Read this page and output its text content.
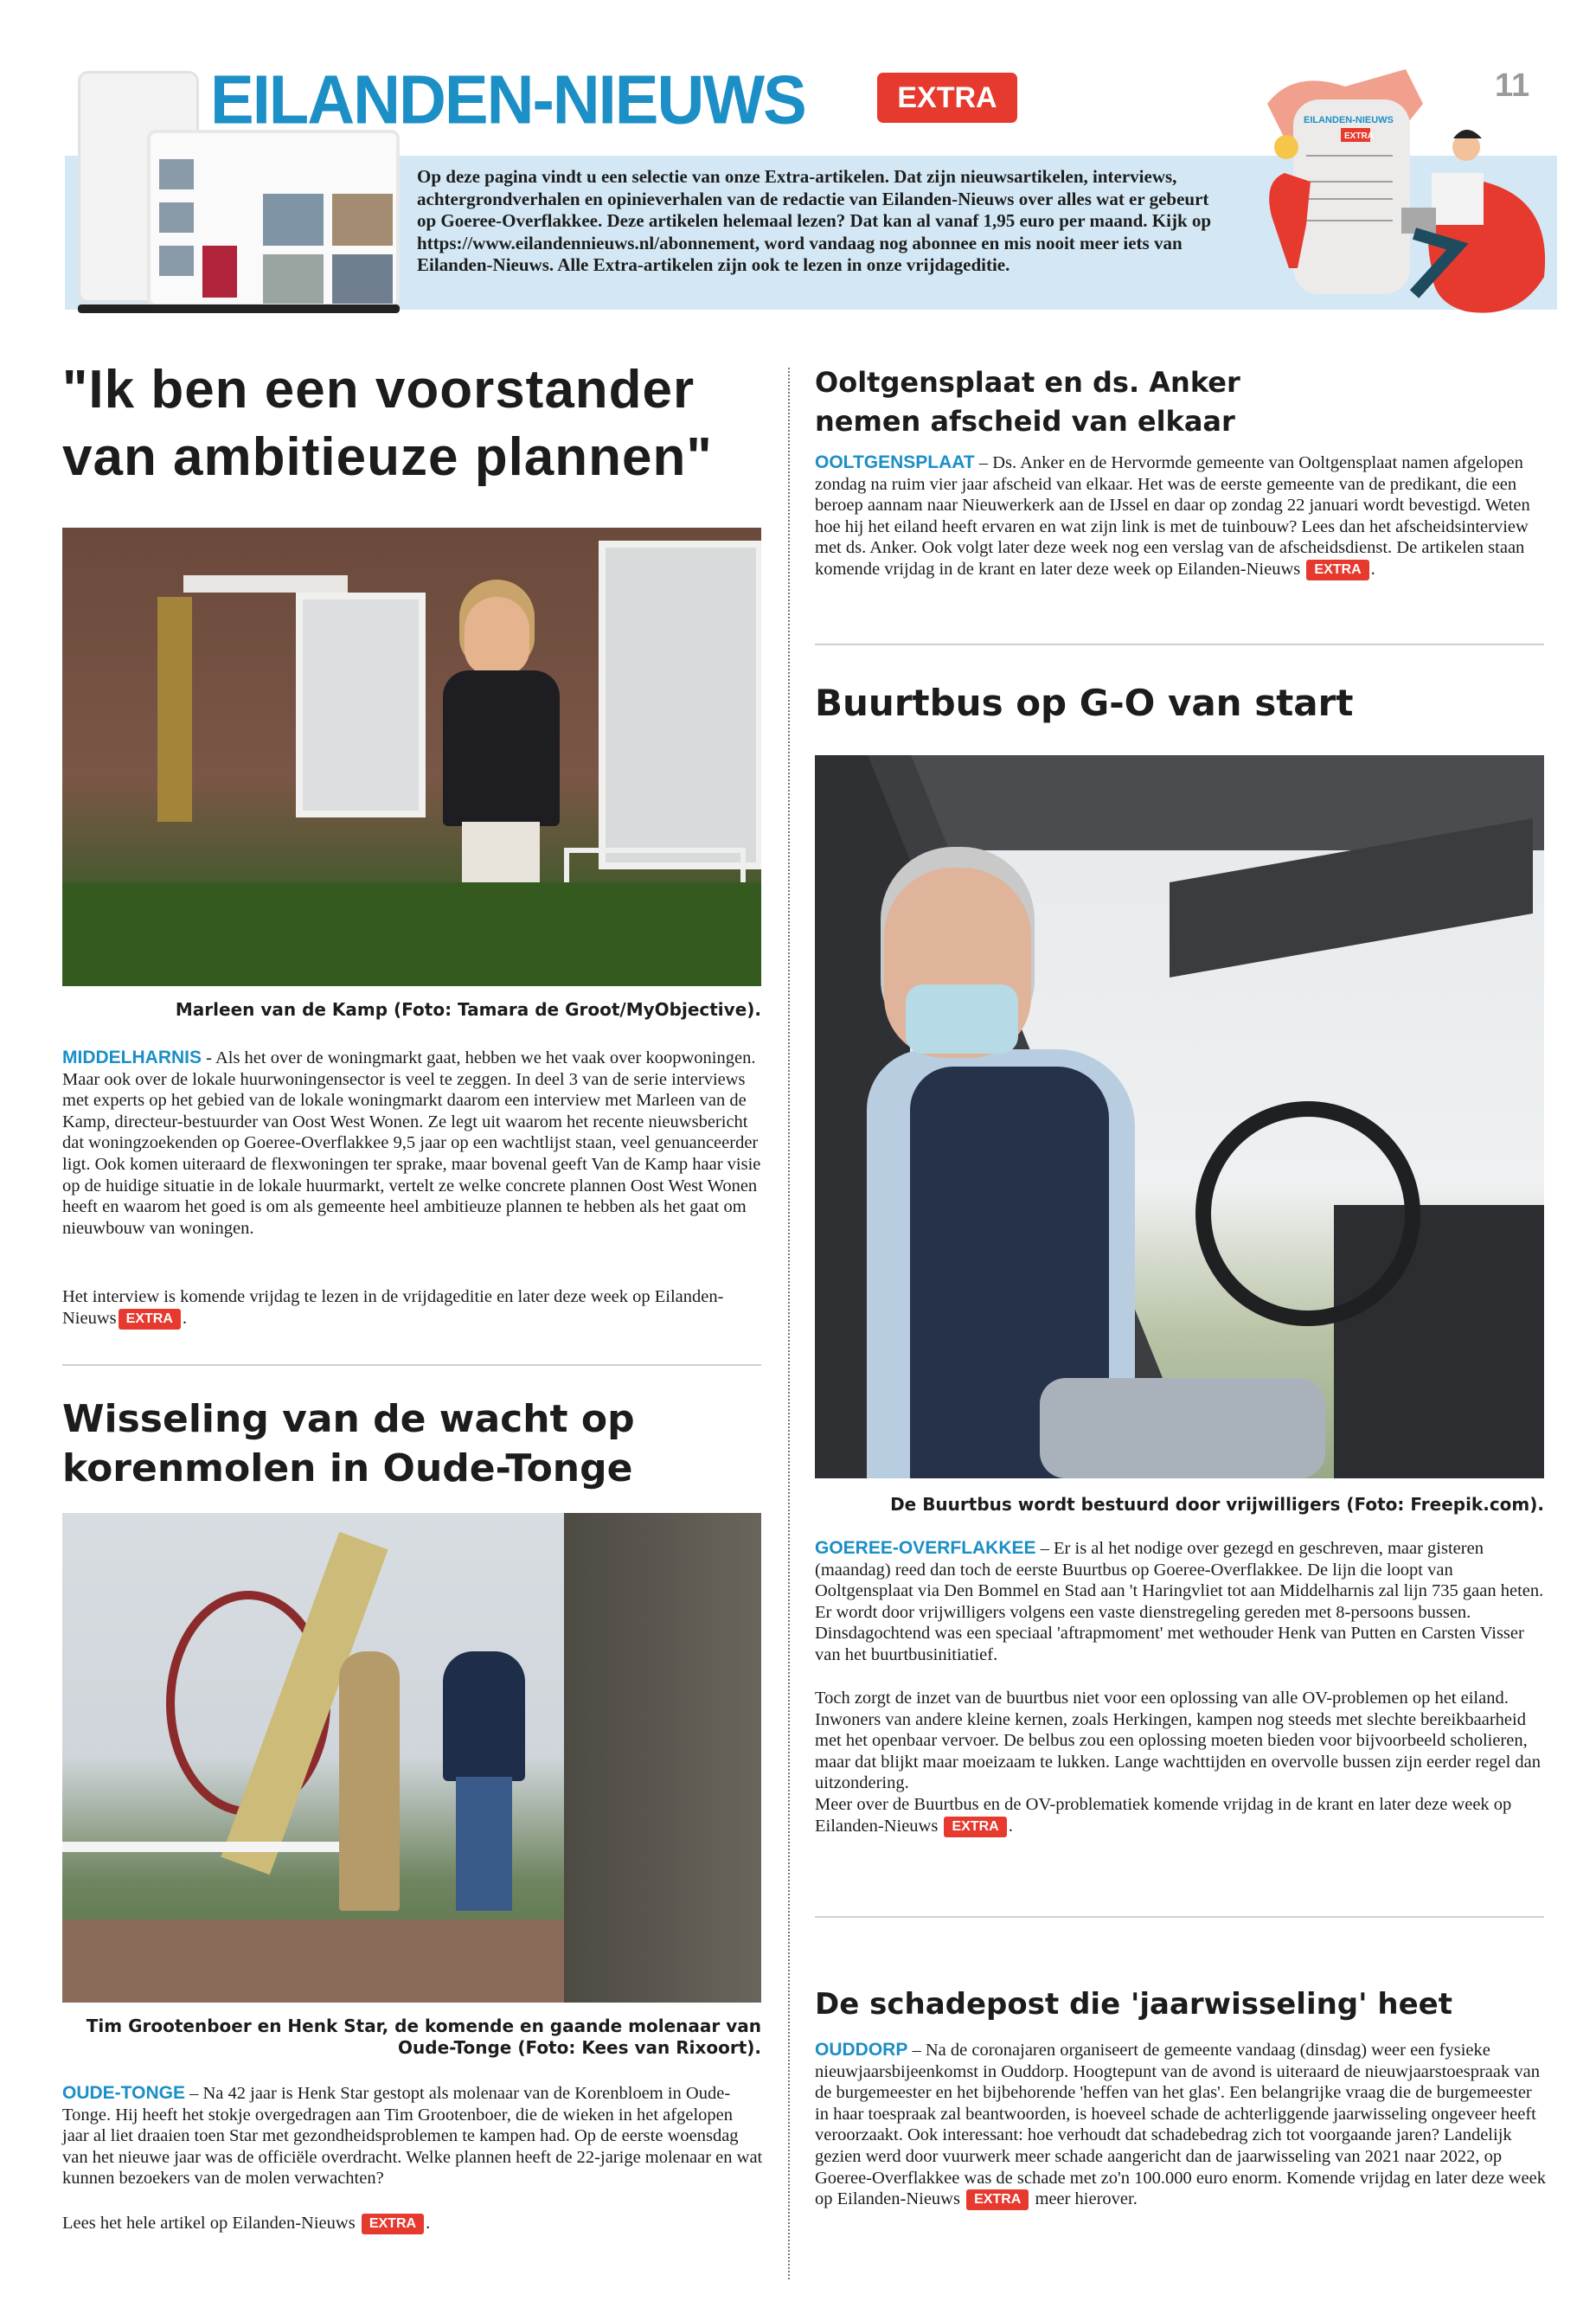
EILANDEN-NIEUWS	EXTRA	11
EILANDEN-NIEUWS
EXTRA
Op deze pagina vindt u een selectie van onze Extra-artikelen. Dat zijn nieuwsartikelen, interviews, achtergrondverhalen en opinieverhalen van de redactie van Eilanden-Nieuws over alles wat er gebeurt op Goeree-Overflakkee. Deze artikelen helemaal lezen? Dat kan al vanaf 1,95 euro per maand. Kijk op https://www.eilandennieuws.nl/abonnement, word vandaag nog abonnee en mis nooit meer iets van Eilanden-Nieuws. Alle Extra-artikelen zijn ook te lezen in onze vrijdageditie.
"Ik ben een voorstander van ambitieuze plannen"
Marleen van de Kamp (Foto: Tamara de Groot/MyObjective).
MIDDELHARNIS - Als het over de woningmarkt gaat, hebben we het vaak over koopwoningen. Maar ook over de lokale huurwoningensector is veel te zeggen. In deel 3 van de serie interviews met experts op het gebied van de lokale woningmarkt daarom een interview met Marleen van de Kamp, directeur-bestuurder van Oost West Wonen. Ze legt uit waarom het recente nieuwsbericht dat woningzoekenden op Goeree-Overflakkee 9,5 jaar op een wachtlijst staan, veel genuanceerder ligt. Ook komen uiteraard de flexwoningen ter sprake, maar bovenal geeft Van de Kamp haar visie op de huidige situatie in de lokale huurmarkt, vertelt ze welke concrete plannen Oost West Wonen heeft en waarom het goed is om als gemeente heel ambitieuze plannen te hebben als het gaat om nieuwbouw van woningen.
Het interview is komende vrijdag te lezen in de vrijdageditie en later deze week op Eilanden-Nieuws EXTRA .
Wisseling van de wacht op korenmolen in Oude-Tonge
Tim Grootenboer en Henk Star, de komende en gaande molenaar van Oude-Tonge (Foto: Kees van Rixoort).
OUDE-TONGE – Na 42 jaar is Henk Star gestopt als molenaar van de Korenbloem in Oude-Tonge. Hij heeft het stokje overgedragen aan Tim Grootenboer, die de wieken in het afgelopen jaar al liet draaien toen Star met gezondheidsproblemen te kampen had. Op de eerste woensdag van het nieuwe jaar was de officiële overdracht. Welke plannen heeft de 22-jarige molenaar en wat kunnen bezoekers van de molen verwachten?
Lees het hele artikel op Eilanden-Nieuws EXTRA .
Ooltgensplaat en ds. Anker nemen afscheid van elkaar
OOLTGENSPLAAT – Ds. Anker en de Hervormde gemeente van Ooltgensplaat namen afgelopen zondag na ruim vier jaar afscheid van elkaar. Het was de eerste gemeente van de predikant, die een beroep aannam naar Nieuwerkerk aan de IJssel en daar op zondag 22 januari wordt bevestigd. Weten hoe hij het eiland heeft ervaren en wat zijn link is met de tuinbouw? Lees dan het afscheidsinterview met ds. Anker. Ook volgt later deze week nog een verslag van de afscheidsdienst. De artikelen staan komende vrijdag in de krant en later deze week op Eilanden-Nieuws EXTRA .
Buurtbus op G-O van start
De Buurtbus wordt bestuurd door vrijwilligers (Foto: Freepik.com).
GOEREE-OVERFLAKKEE – Er is al het nodige over gezegd en geschreven, maar gisteren (maandag) reed dan toch de eerste Buurtbus op Goeree-Overflakkee. De lijn die loopt van Ooltgensplaat via Den Bommel en Stad aan 't Haringvliet tot aan Middelharnis zal lijn 735 gaan heten. Er wordt door vrijwilligers volgens een vaste dienstregeling gereden met 8-persoons bussen. Dinsdagochtend was een speciaal 'aftrapmoment' met wethouder Henk van Putten en Carsten Visser van het buurtbusinitiatief.
Toch zorgt de inzet van de buurtbus niet voor een oplossing van alle OV-problemen op het eiland. Inwoners van andere kleine kernen, zoals Herkingen, kampen nog steeds met slechte bereikbaarheid met het openbaar vervoer. De belbus zou een oplossing moeten bieden voor bijvoorbeeld scholieren, maar dat blijkt maar moeizaam te lukken. Lange wachttijden en overvolle bussen zijn eerder regel dan uitzondering.
Meer over de Buurtbus en de OV-problematiek komende vrijdag in de krant en later deze week op Eilanden-Nieuws EXTRA .
De schadepost die 'jaarwisseling' heet
OUDDORP – Na de coronajaren organiseert de gemeente vandaag (dinsdag) weer een fysieke nieuwjaarsbijeenkomst in Ouddorp. Hoogtepunt van de avond is uiteraard de nieuwjaarstoespraak van de burgemeester en het bijbehorende 'heffen van het glas'. Een belangrijke vraag die de burgemeester in haar toespraak zal beantwoorden, is hoeveel schade de achterliggende jaarwisseling ongeveer heeft veroorzaakt. Ook interessant: hoe verhoudt dat schadebedrag zich tot voorgaande jaren? Landelijk gezien werd door vuurwerk meer schade aangericht dan de jaarwisseling van 2021 naar 2022, op Goeree-Overflakkee was de schade met zo'n 100.000 euro enorm. Komende vrijdag en later deze week op Eilanden-Nieuws EXTRA meer hierover.
